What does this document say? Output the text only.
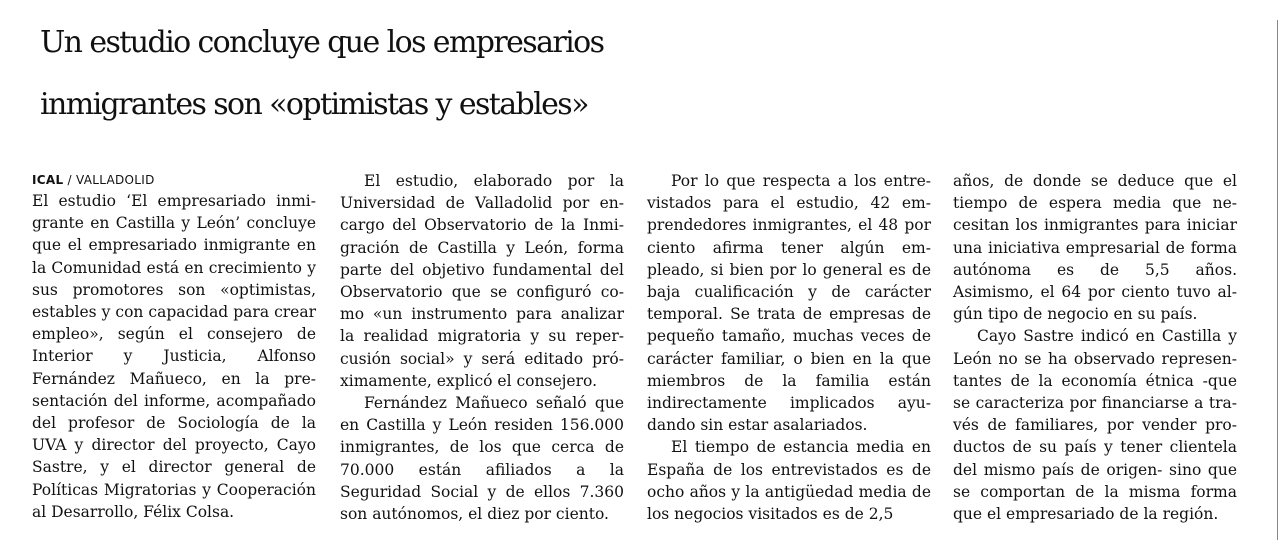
Un estudio concluye que los empresarios
inmigrantes son «optimistas y estables»
ICAL / VALLADOLID

El estudio ‘El empresariado inmigrante en Castilla y León’ concluye que el empresariado inmigrante en la Comunidad está en crecimiento y sus promotores son «optimistas, estables y con capacidad para crear empleo», según el consejero de Interior y Justicia, Alfonso Fernández Mañueco, en la presentación del informe, acompañado del profesor de Sociología de la UVA y director del proyecto, Cayo Sastre, y el director general de Políticas Migratorias y Cooperación al Desarrollo, Félix Colsa.

El estudio, elaborado por la Universidad de Valladolid por encargo del Observatorio de la Inmigración de Castilla y León, forma parte del objetivo fundamental del Observatorio que se configuró como «un instrumento para analizar la realidad migratoria y su repercusión social» y será editado próximamente, explicó el consejero.

Fernández Mañueco señaló que en Castilla y León residen 156.000 inmigrantes, de los que cerca de 70.000 están afiliados a la Seguridad Social y de ellos 7.360 son autónomos, el diez por ciento.

Por lo que respecta a los entrevistados para el estudio, 42 emprendedores inmigrantes, el 48 por ciento afirma tener algún empleado, si bien por lo general es de baja cualificación y de carácter temporal. Se trata de empresas de pequeño tamaño, muchas veces de carácter familiar, o bien en la que miembros de la familia están indirectamente implicados ayudando sin estar asalariados.

El tiempo de estancia media en España de los entrevistados es de ocho años y la antigüedad media de los negocios visitados es de 2,5

años, de donde se deduce que el tiempo de espera media que necesitan los inmigrantes para iniciar una iniciativa empresarial de forma autónoma es de 5,5 años. Asimismo, el 64 por ciento tuvo algún tipo de negocio en su país.

Cayo Sastre indicó en Castilla y León no se ha observado representantes de la economía étnica -que se caracteriza por financiarse a través de familiares, por vender productos de su país y tener clientela del mismo país de origen- sino que se comportan de la misma forma que el empresariado de la región.
